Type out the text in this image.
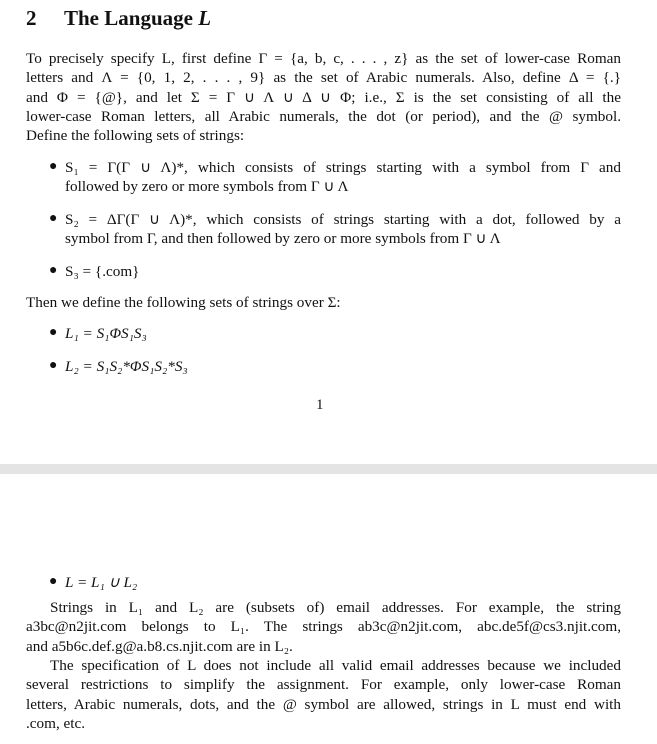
2 The Language L
To precisely specify L, first define Γ = {a, b, c, . . . , z} as the set of lower-case Roman
letters and Λ = {0, 1, 2, . . . , 9} as the set of Arabic numerals. Also, define Δ = {.}
and Φ = {@}, and let Σ = Γ ∪ Λ ∪ Δ ∪ Φ; i.e., Σ is the set consisting of all the
lower-case Roman letters, all Arabic numerals, the dot (or period), and the @ symbol.
Define the following sets of strings:
● S₁ = Γ(Γ ∪ Λ)*, which consists of strings starting with a symbol from Γ and
followed by zero or more symbols from Γ ∪ Λ
● S₂ = ΔΓ(Γ ∪ Λ)*, which consists of strings starting with a dot, followed by a
symbol from Γ, and then followed by zero or more symbols from Γ ∪ Λ
● S₃ = {.com}
Then we define the following sets of strings over Σ:
● L₁ = S₁ΦS₁S₃
● L₂ = S₁S₂*ΦS₁S₂*S₃
1
● L = L₁ ∪ L₂
Strings in L₁ and L₂ are (subsets of) email addresses. For example, the string
a3bc@n2jit.com belongs to L₁. The strings ab3c@n2jit.com, abc.de5f@cs3.njit.com,
and a5b6c.def.g@a.b8.cs.njit.com are in L₂.
The specification of L does not include all valid email addresses because we included
several restrictions to simplify the assignment. For example, only lower-case Roman
letters, Arabic numerals, dots, and the @ symbol are allowed, strings in L must end with
.com, etc.
